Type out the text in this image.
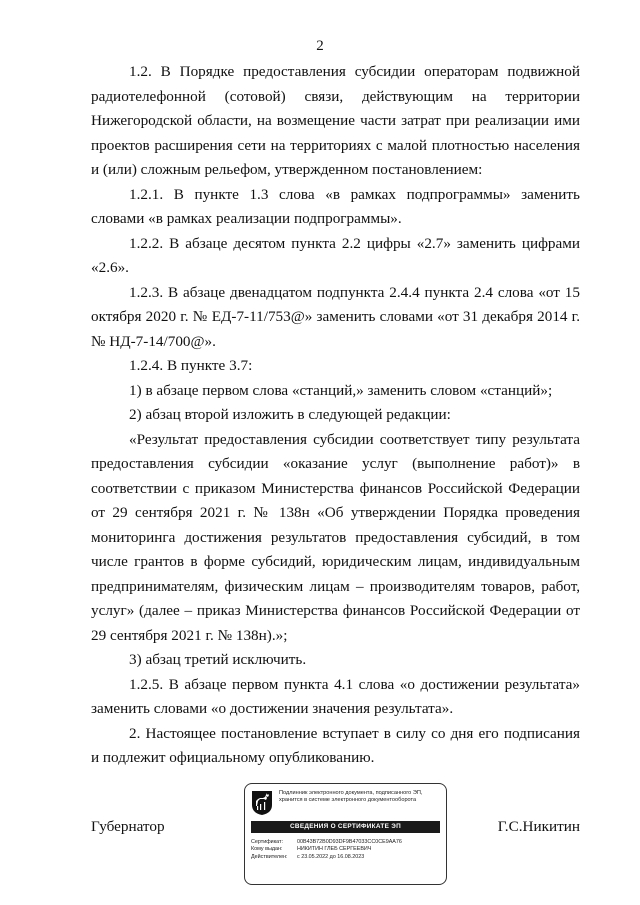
2

1.2. В Порядке предоставления субсидии операторам подвижной радиотелефонной (сотовой) связи, действующим на территории Нижегородской области, на возмещение части затрат при реализации ими проектов расширения сети на территориях с малой плотностью населения и (или) сложным рельефом, утвержденном постановлением:

1.2.1. В пункте 1.3 слова «в рамках подпрограммы» заменить словами «в рамках реализации подпрограммы».

1.2.2. В абзаце десятом пункта 2.2 цифры «2.7» заменить цифрами «2.6».

1.2.3. В абзаце двенадцатом подпункта 2.4.4 пункта 2.4 слова «от 15 октября 2020 г. № ЕД-7-11/753@» заменить словами «от 31 декабря 2014 г. № НД-7-14/700@».

1.2.4. В пункте 3.7:

1) в абзаце первом слова «станций,» заменить словом «станций»;

2) абзац второй изложить в следующей редакции:

«Результат предоставления субсидии соответствует типу результата предоставления субсидии «оказание услуг (выполнение работ)» в соответствии с приказом Министерства финансов Российской Федерации от 29 сентября 2021 г. № 138н «Об утверждении Порядка проведения мониторинга достижения результатов предоставления субсидий, в том числе грантов в форме субсидий, юридическим лицам, индивидуальным предпринимателям, физическим лицам – производителям товаров, работ, услуг» (далее – приказ Министерства финансов Российской Федерации от 29 сентября 2021 г. № 138н).»;

3) абзац третий исключить.

1.2.5. В абзаце первом пункта 4.1 слова «о достижении результата» заменить словами «о достижении значения результата».

2. Настоящее постановление вступает в силу со дня его подписания и подлежит официальному опубликованию.

Губернатор	Г.С.Никитин
Подлинник электронного документа, подписанного ЭП, хранится в системе электронного документооборота
СВЕДЕНИЯ О СЕРТИФИКАТЕ ЭП
Сертификат:	00B43B72B0D93DF9B47033CC0CE9AA76
Кому выдан:	НИКИТИН ГЛЕБ СЕРГЕЕВИЧ
Действителен: с 23.05.2022 до 16.08.2023
